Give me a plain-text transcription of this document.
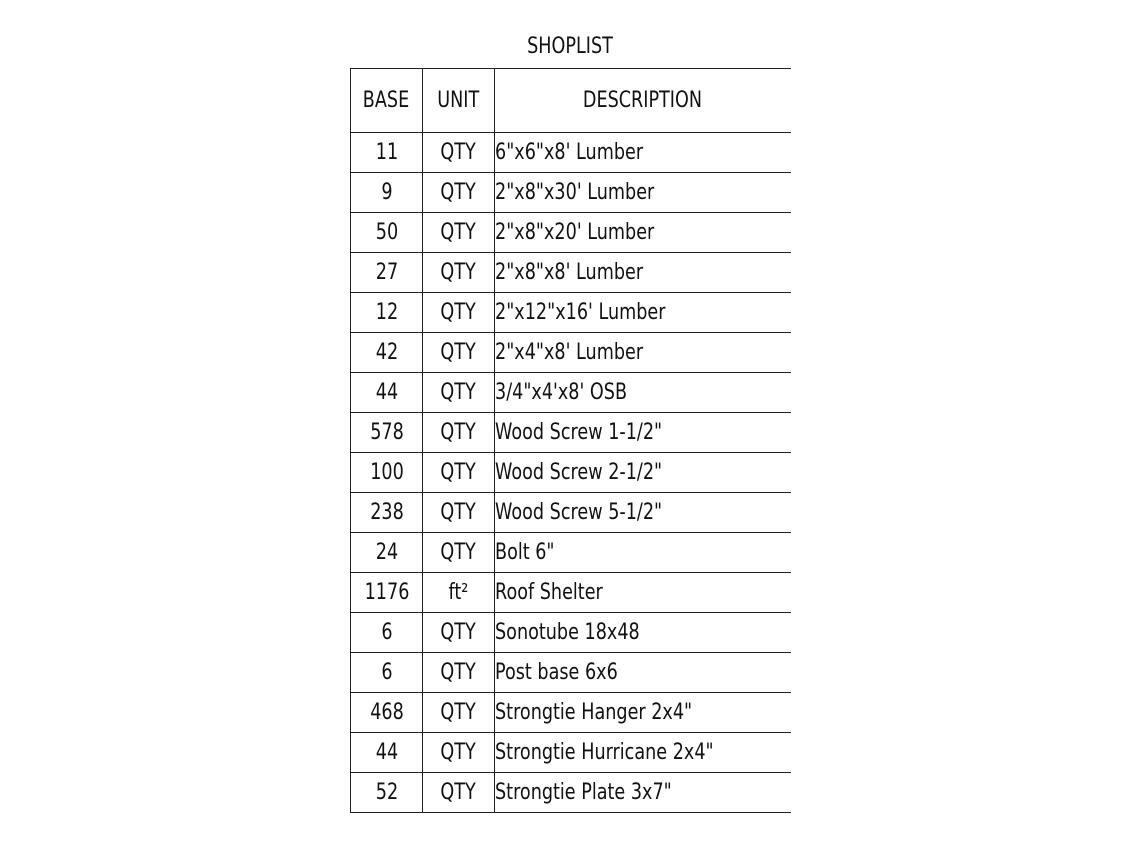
SHOPLIST
BASE	UNIT	DESCRIPTION
11	QTY	6"x6"x8' Lumber
9	QTY	2"x8"x30' Lumber
50	QTY	2"x8"x20' Lumber
27	QTY	2"x8"x8' Lumber
12	QTY	2"x12"x16' Lumber
42	QTY	2"x4"x8' Lumber
44	QTY	3/4"x4'x8' OSB
578	QTY	Wood Screw 1-1/2"
100	QTY	Wood Screw 2-1/2"
238	QTY	Wood Screw 5-1/2"
24	QTY	Bolt 6"
1176	ft²	Roof Shelter
6	QTY	Sonotube 18x48
6	QTY	Post base 6x6
468	QTY	Strongtie Hanger 2x4"
44	QTY	Strongtie Hurricane 2x4"
52	QTY	Strongtie Plate 3x7"
